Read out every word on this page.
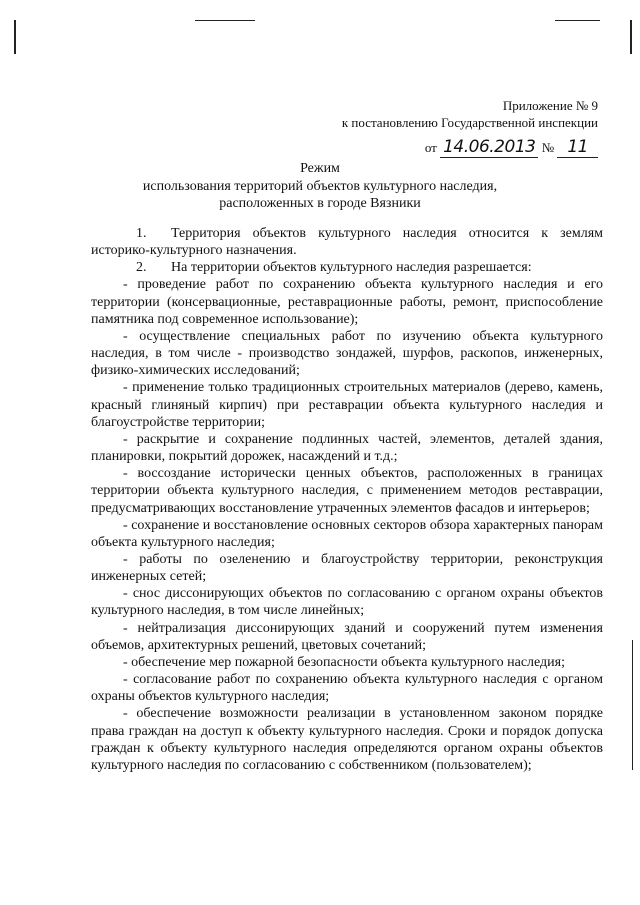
Приложение № 9
к постановлению Государственной инспекции
от 14.06.2013 № 11
Режим
использования территорий объектов культурного наследия,
расположенных в городе Вязники

1. Территория объектов культурного наследия относится к землям историко-культурного назначения.

2. На территории объектов культурного наследия разрешается:

- проведение работ по сохранению объекта культурного наследия и его территории (консервационные, реставрационные работы, ремонт, приспособление памятника под современное использование);

- осуществление специальных работ по изучению объекта культурного наследия, в том числе - производство зондажей, шурфов, раскопов, инженерных, физико-химических исследований;

- применение только традиционных строительных материалов (дерево, камень, красный глиняный кирпич) при реставрации объекта культурного наследия и благоустройстве территории;

- раскрытие и сохранение подлинных частей, элементов, деталей здания, планировки, покрытий дорожек, насаждений и т.д.;

- воссоздание исторически ценных объектов, расположенных в границах территории объекта культурного наследия, с применением методов реставрации, предусматривающих восстановление утраченных элементов фасадов и интерьеров;

- сохранение и восстановление основных секторов обзора характерных панорам объекта культурного наследия;

- работы по озеленению и благоустройству территории, реконструкция инженерных сетей;

- снос диссонирующих объектов по согласованию с органом охраны объектов культурного наследия, в том числе линейных;

- нейтрализация диссонирующих зданий и сооружений путем изменения объемов, архитектурных решений, цветовых сочетаний;

- обеспечение мер пожарной безопасности объекта культурного наследия;

- согласование работ по сохранению объекта культурного наследия с органом охраны объектов культурного наследия;

- обеспечение возможности реализации в установленном законом порядке права граждан на доступ к объекту культурного наследия. Сроки и порядок допуска граждан к объекту культурного наследия определяются органом охраны объектов культурного наследия по согласованию с собственником (пользователем);
